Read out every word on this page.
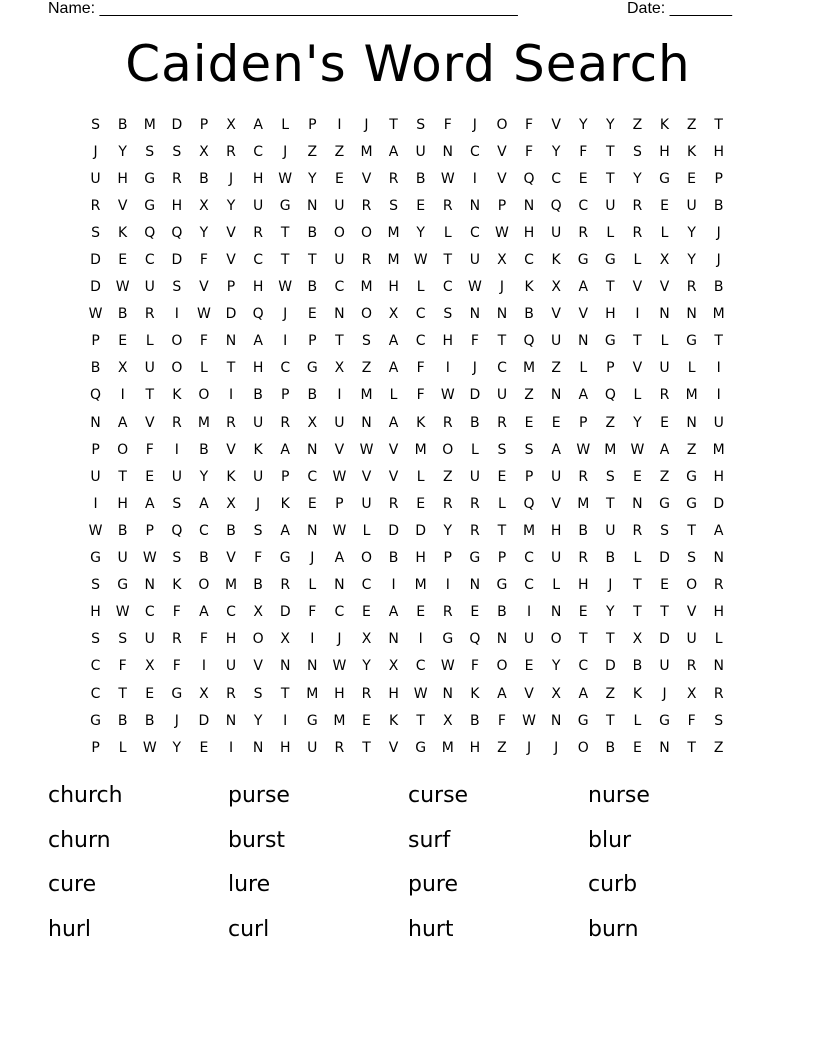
Name: _______________________________________________	Date: _______
Caiden's Word Search
S	B	M	D	P	X	A	L	P	I	J	T	S	F	J	O	F	V	Y	Y	Z	K	Z	T
J	Y	S	S	X	R	C	J	Z	Z	M	A	U	N	C	V	F	Y	F	T	S	H	K	H
U	H	G	R	B	J	H	W	Y	E	V	R	B	W	I	V	Q	C	E	T	Y	G	E	P
R	V	G	H	X	Y	U	G	N	U	R	S	E	R	N	P	N	Q	C	U	R	E	U	B
S	K	Q	Q	Y	V	R	T	B	O	O	M	Y	L	C	W	H	U	R	L	R	L	Y	J
D	E	C	D	F	V	C	T	T	U	R	M	W	T	U	X	C	K	G	G	L	X	Y	J
D	W	U	S	V	P	H	W	B	C	M	H	L	C	W	J	K	X	A	T	V	V	R	B
W	B	R	I	W	D	Q	J	E	N	O	X	C	S	N	N	B	V	V	H	I	N	N	M
P	E	L	O	F	N	A	I	P	T	S	A	C	H	F	T	Q	U	N	G	T	L	G	T
B	X	U	O	L	T	H	C	G	X	Z	A	F	I	J	C	M	Z	L	P	V	U	L	I
Q	I	T	K	O	I	B	P	B	I	M	L	F	W	D	U	Z	N	A	Q	L	R	M	I
N	A	V	R	M	R	U	R	X	U	N	A	K	R	B	R	E	E	P	Z	Y	E	N	U
P	O	F	I	B	V	K	A	N	V	W	V	M	O	L	S	S	A	W	M	W	A	Z	M
U	T	E	U	Y	K	U	P	C	W	V	V	L	Z	U	E	P	U	R	S	E	Z	G	H
I	H	A	S	A	X	J	K	E	P	U	R	E	R	R	L	Q	V	M	T	N	G	G	D
W	B	P	Q	C	B	S	A	N	W	L	D	D	Y	R	T	M	H	B	U	R	S	T	A
G	U	W	S	B	V	F	G	J	A	O	B	H	P	G	P	C	U	R	B	L	D	S	N
S	G	N	K	O	M	B	R	L	N	C	I	M	I	N	G	C	L	H	J	T	E	O	R
H	W	C	F	A	C	X	D	F	C	E	A	E	R	E	B	I	N	E	Y	T	T	V	H
S	S	U	R	F	H	O	X	I	J	X	N	I	G	Q	N	U	O	T	T	X	D	U	L
C	F	X	F	I	U	V	N	N	W	Y	X	C	W	F	O	E	Y	C	D	B	U	R	N
C	T	E	G	X	R	S	T	M	H	R	H	W	N	K	A	V	X	A	Z	K	J	X	R
G	B	B	J	D	N	Y	I	G	M	E	K	T	X	B	F	W	N	G	T	L	G	F	S
P	L	W	Y	E	I	N	H	U	R	T	V	G	M	H	Z	J	J	O	B	E	N	T	Z
church	purse	curse	nurse
churn	burst	surf	blur
cure	lure	pure	curb
hurl	curl	hurt	burn
